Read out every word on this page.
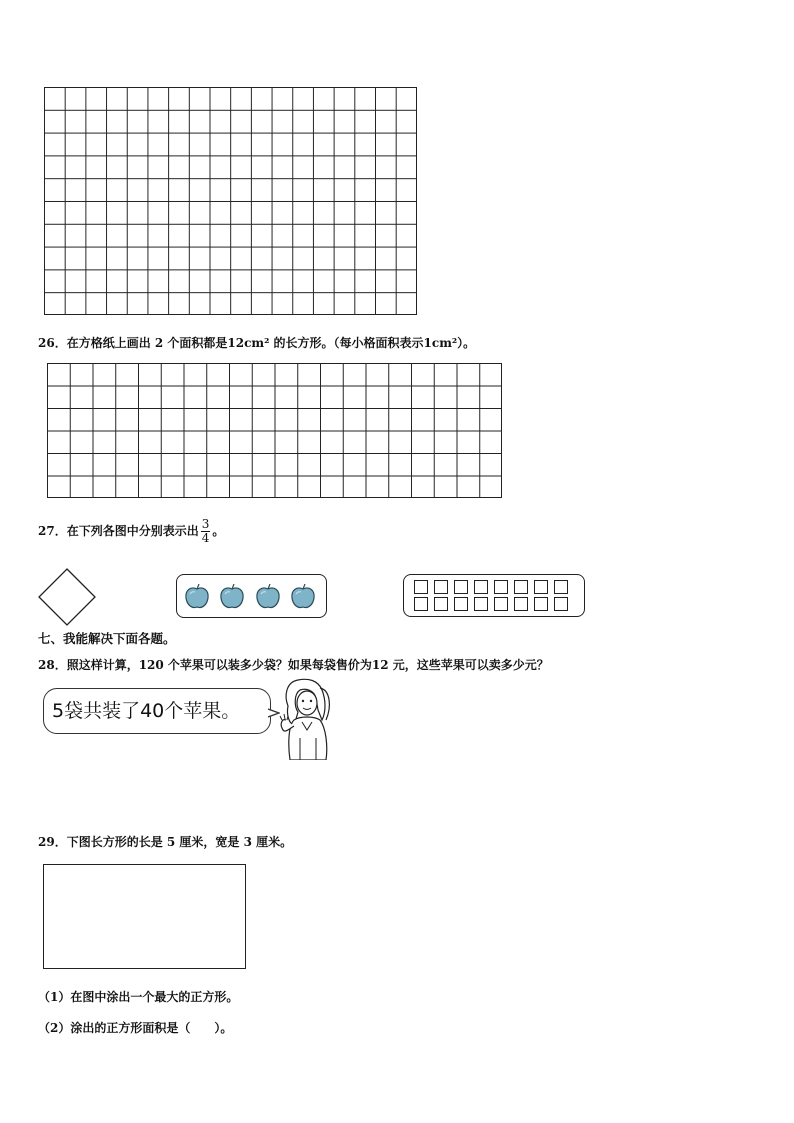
26．在方格纸上画出 2 个面积都是12cm² 的长方形。（每小格面积表示1cm²）。
27．在下列各图中分别表示出 $\frac{3}{4}$ 。
七、我能解决下面各题。
28．照这样计算，120 个苹果可以装多少袋？如果每袋售价为12 元，这些苹果可以卖多少元？
5袋共装了40个苹果。
29．下图长方形的长是 5 厘米，宽是 3 厘米。
（1）在图中涂出一个最大的正方形。
（2）涂出的正方形面积是（　　）。
